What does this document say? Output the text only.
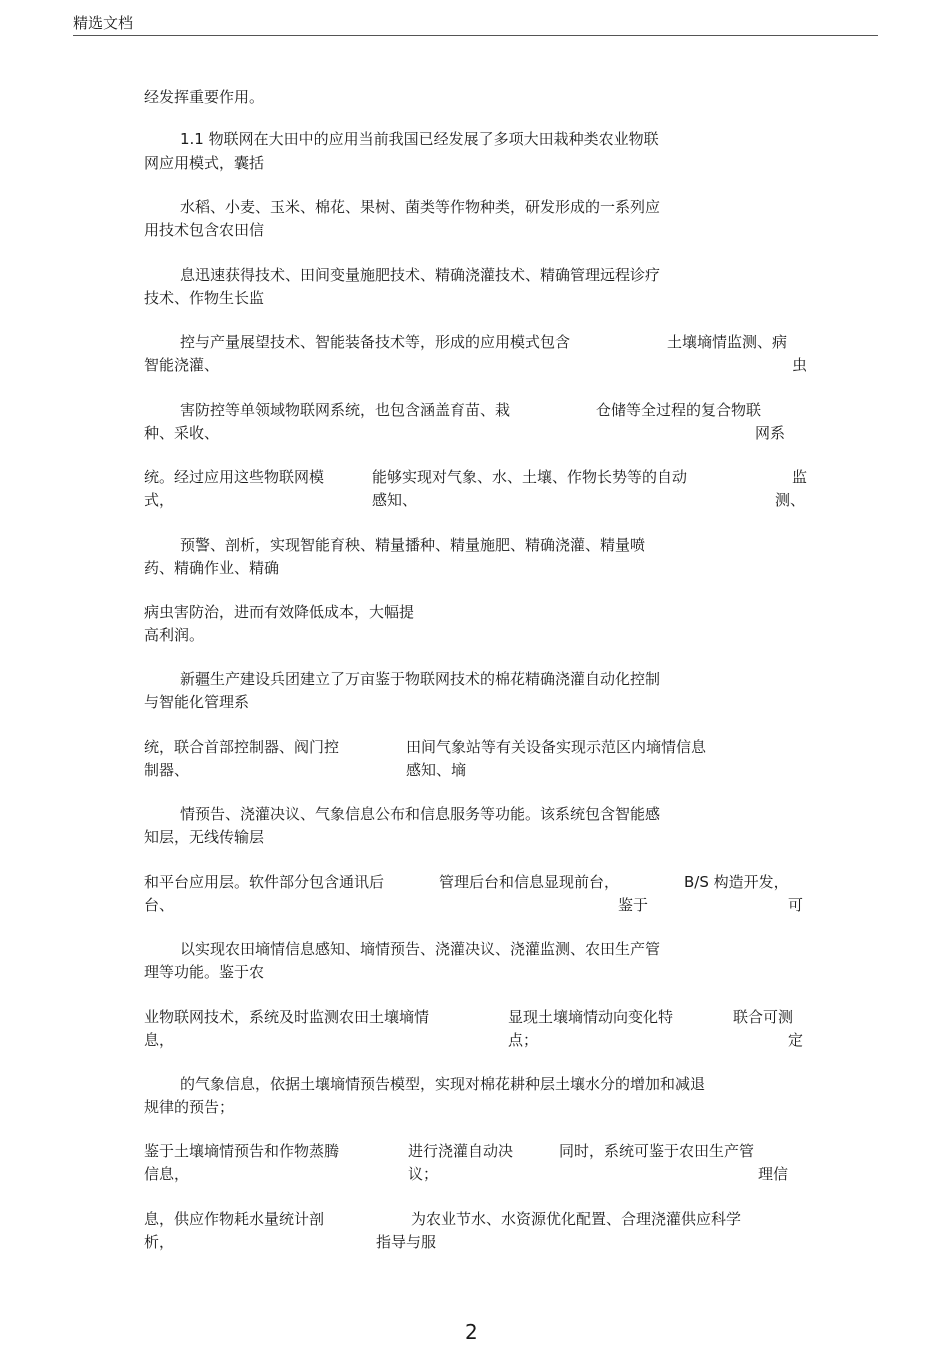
精选文档
经发挥重要作用。
1.1 物联网在大田中的应用当前我国已经发展了多项大田栽种类农业物联
网应用模式，囊括
水稻、小麦、玉米、棉花、果树、菌类等作物种类，研发形成的一系列应
用技术包含农田信
息迅速获得技术、田间变量施肥技术、精确浇灌技术、精确管理远程诊疗
技术、作物生长监
控与产量展望技术、智能装备技术等，形成的应用模式包含	土壤墒情监测、病
智能浇灌、	虫
害防控等单领域物联网系统，也包含涵盖育苗、栽	仓储等全过程的复合物联
种、采收、	网系
统。经过应用这些物联网模	能够实现对气象、水、土壤、作物长势等的自动	监
式，	感知、	测、
预警、剖析，实现智能育秧、精量播种、精量施肥、精确浇灌、精量喷
药、精确作业、精确
病虫害防治，进而有效降低成本，大幅提
高利润。
新疆生产建设兵团建立了万亩鉴于物联网技术的棉花精确浇灌自动化控制
与智能化管理系
统，联合首部控制器、阀门控	田间气象站等有关设备实现示范区内墒情信息
制器、	感知、墒
情预告、浇灌决议、气象信息公布和信息服务等功能。该系统包含智能感
知层，无线传输层
和平台应用层。软件部分包含通讯后	管理后台和信息显现前台，	B/S 构造开发，
台、	鉴于	可
以实现农田墒情信息感知、墒情预告、浇灌决议、浇灌监测、农田生产管
理等功能。鉴于农
业物联网技术，系统及时监测农田土壤墒情	显现土壤墒情动向变化特	联合可测
息，	点；	定
的气象信息，依据土壤墒情预告模型，实现对棉花耕种层土壤水分的增加和减退
规律的预告；
鉴于土壤墒情预告和作物蒸腾	进行浇灌自动决	同时，系统可鉴于农田生产管
信息，	议；	理信
息，供应作物耗水量统计剖	为农业节水、水资源优化配置、合理浇灌供应科学
析，	指导与服
2
